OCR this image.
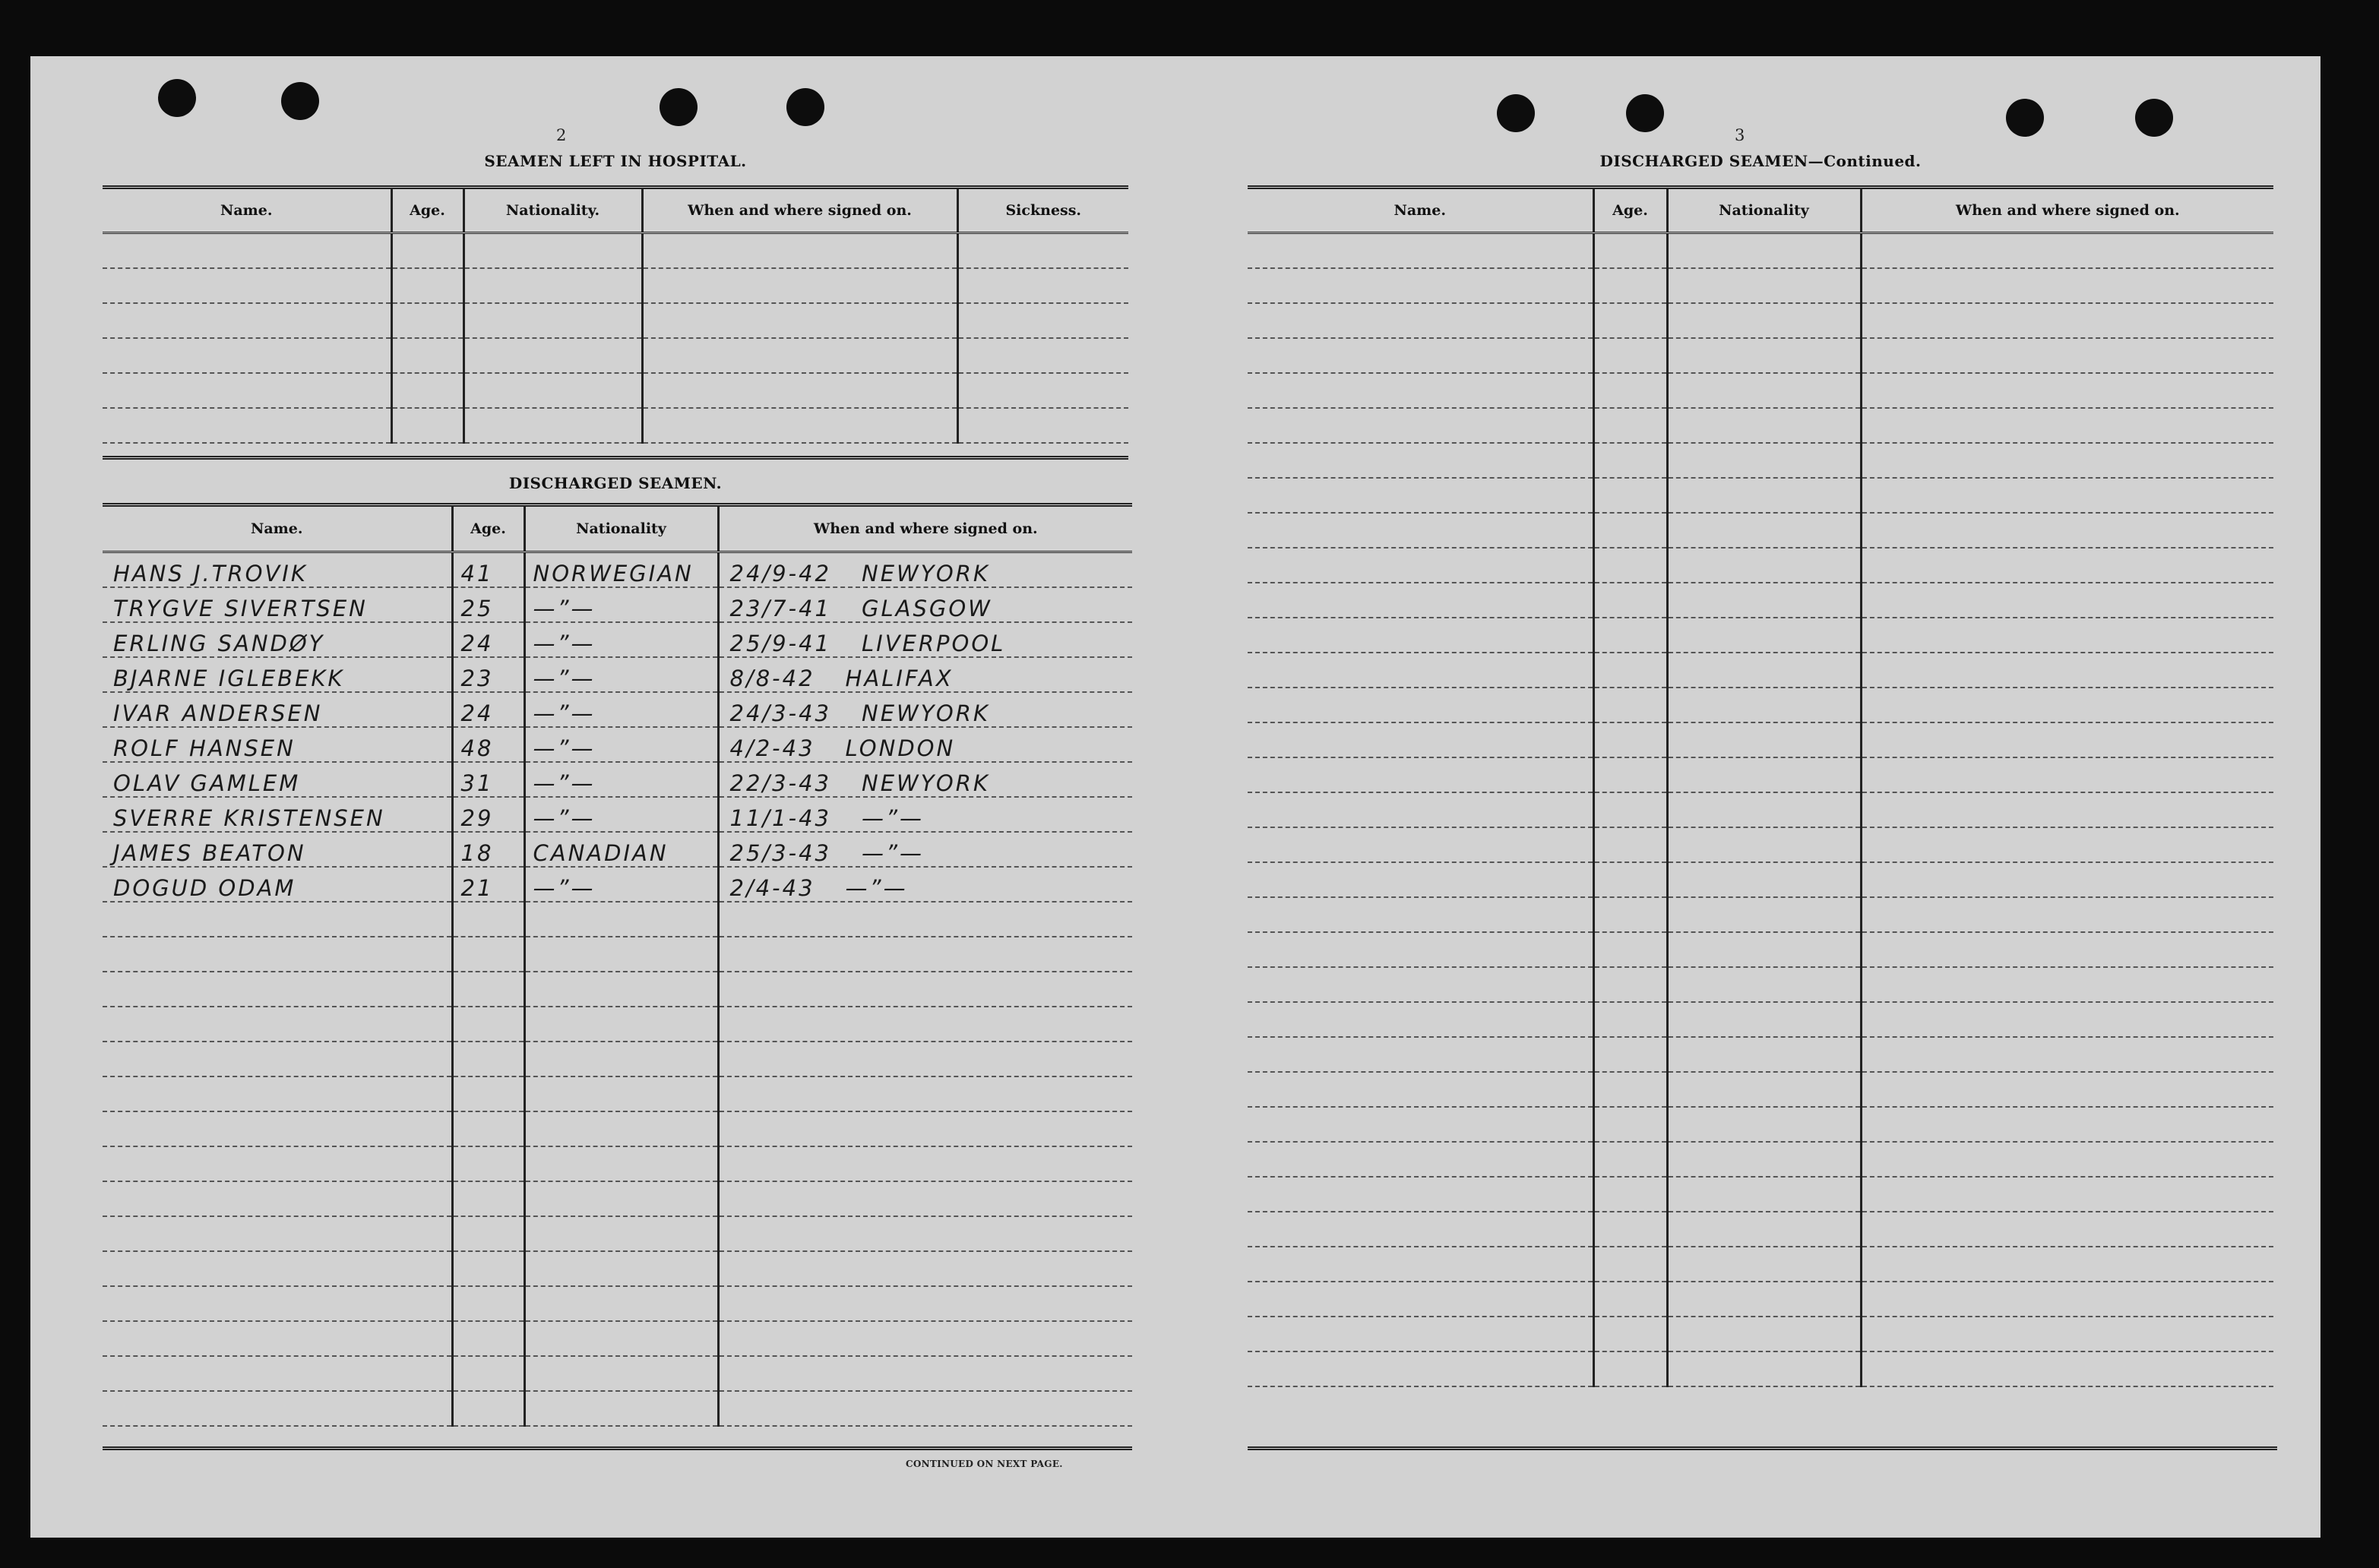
2
SEAMEN LEFT IN HOSPITAL.
Name.	Age.	Nationality.	When and where signed on.	Sickness.

DISCHARGED SEAMEN.
Name.	Age.	Nationality	When and where signed on.
HANS J.TROVIK	41	NORWEGIAN	24/9-42 NEWYORK
TRYGVE SIVERTSEN	25	—”—	23/7-41 GLASGOW
ERLING SANDØY	24	—”—	25/9-41 LIVERPOOL
BJARNE IGLEBEKK	23	—”—	8/8-42 HALIFAX
IVAR ANDERSEN	24	—”—	24/3-43 NEWYORK
ROLF HANSEN	48	—”—	4/2-43 LONDON
OLAV GAMLEM	31	—”—	22/3-43 NEWYORK
SVERRE KRISTENSEN	29	—”—	11/1-43 —”—
JAMES BEATON	18	CANADIAN	25/3-43 —”—
DOGUD ODAM	21	—”—	2/4-43 —”—

CONTINUED ON NEXT PAGE.
3
DISCHARGED SEAMEN—Continued.
Name.	Age.	Nationality	When and where signed on.
